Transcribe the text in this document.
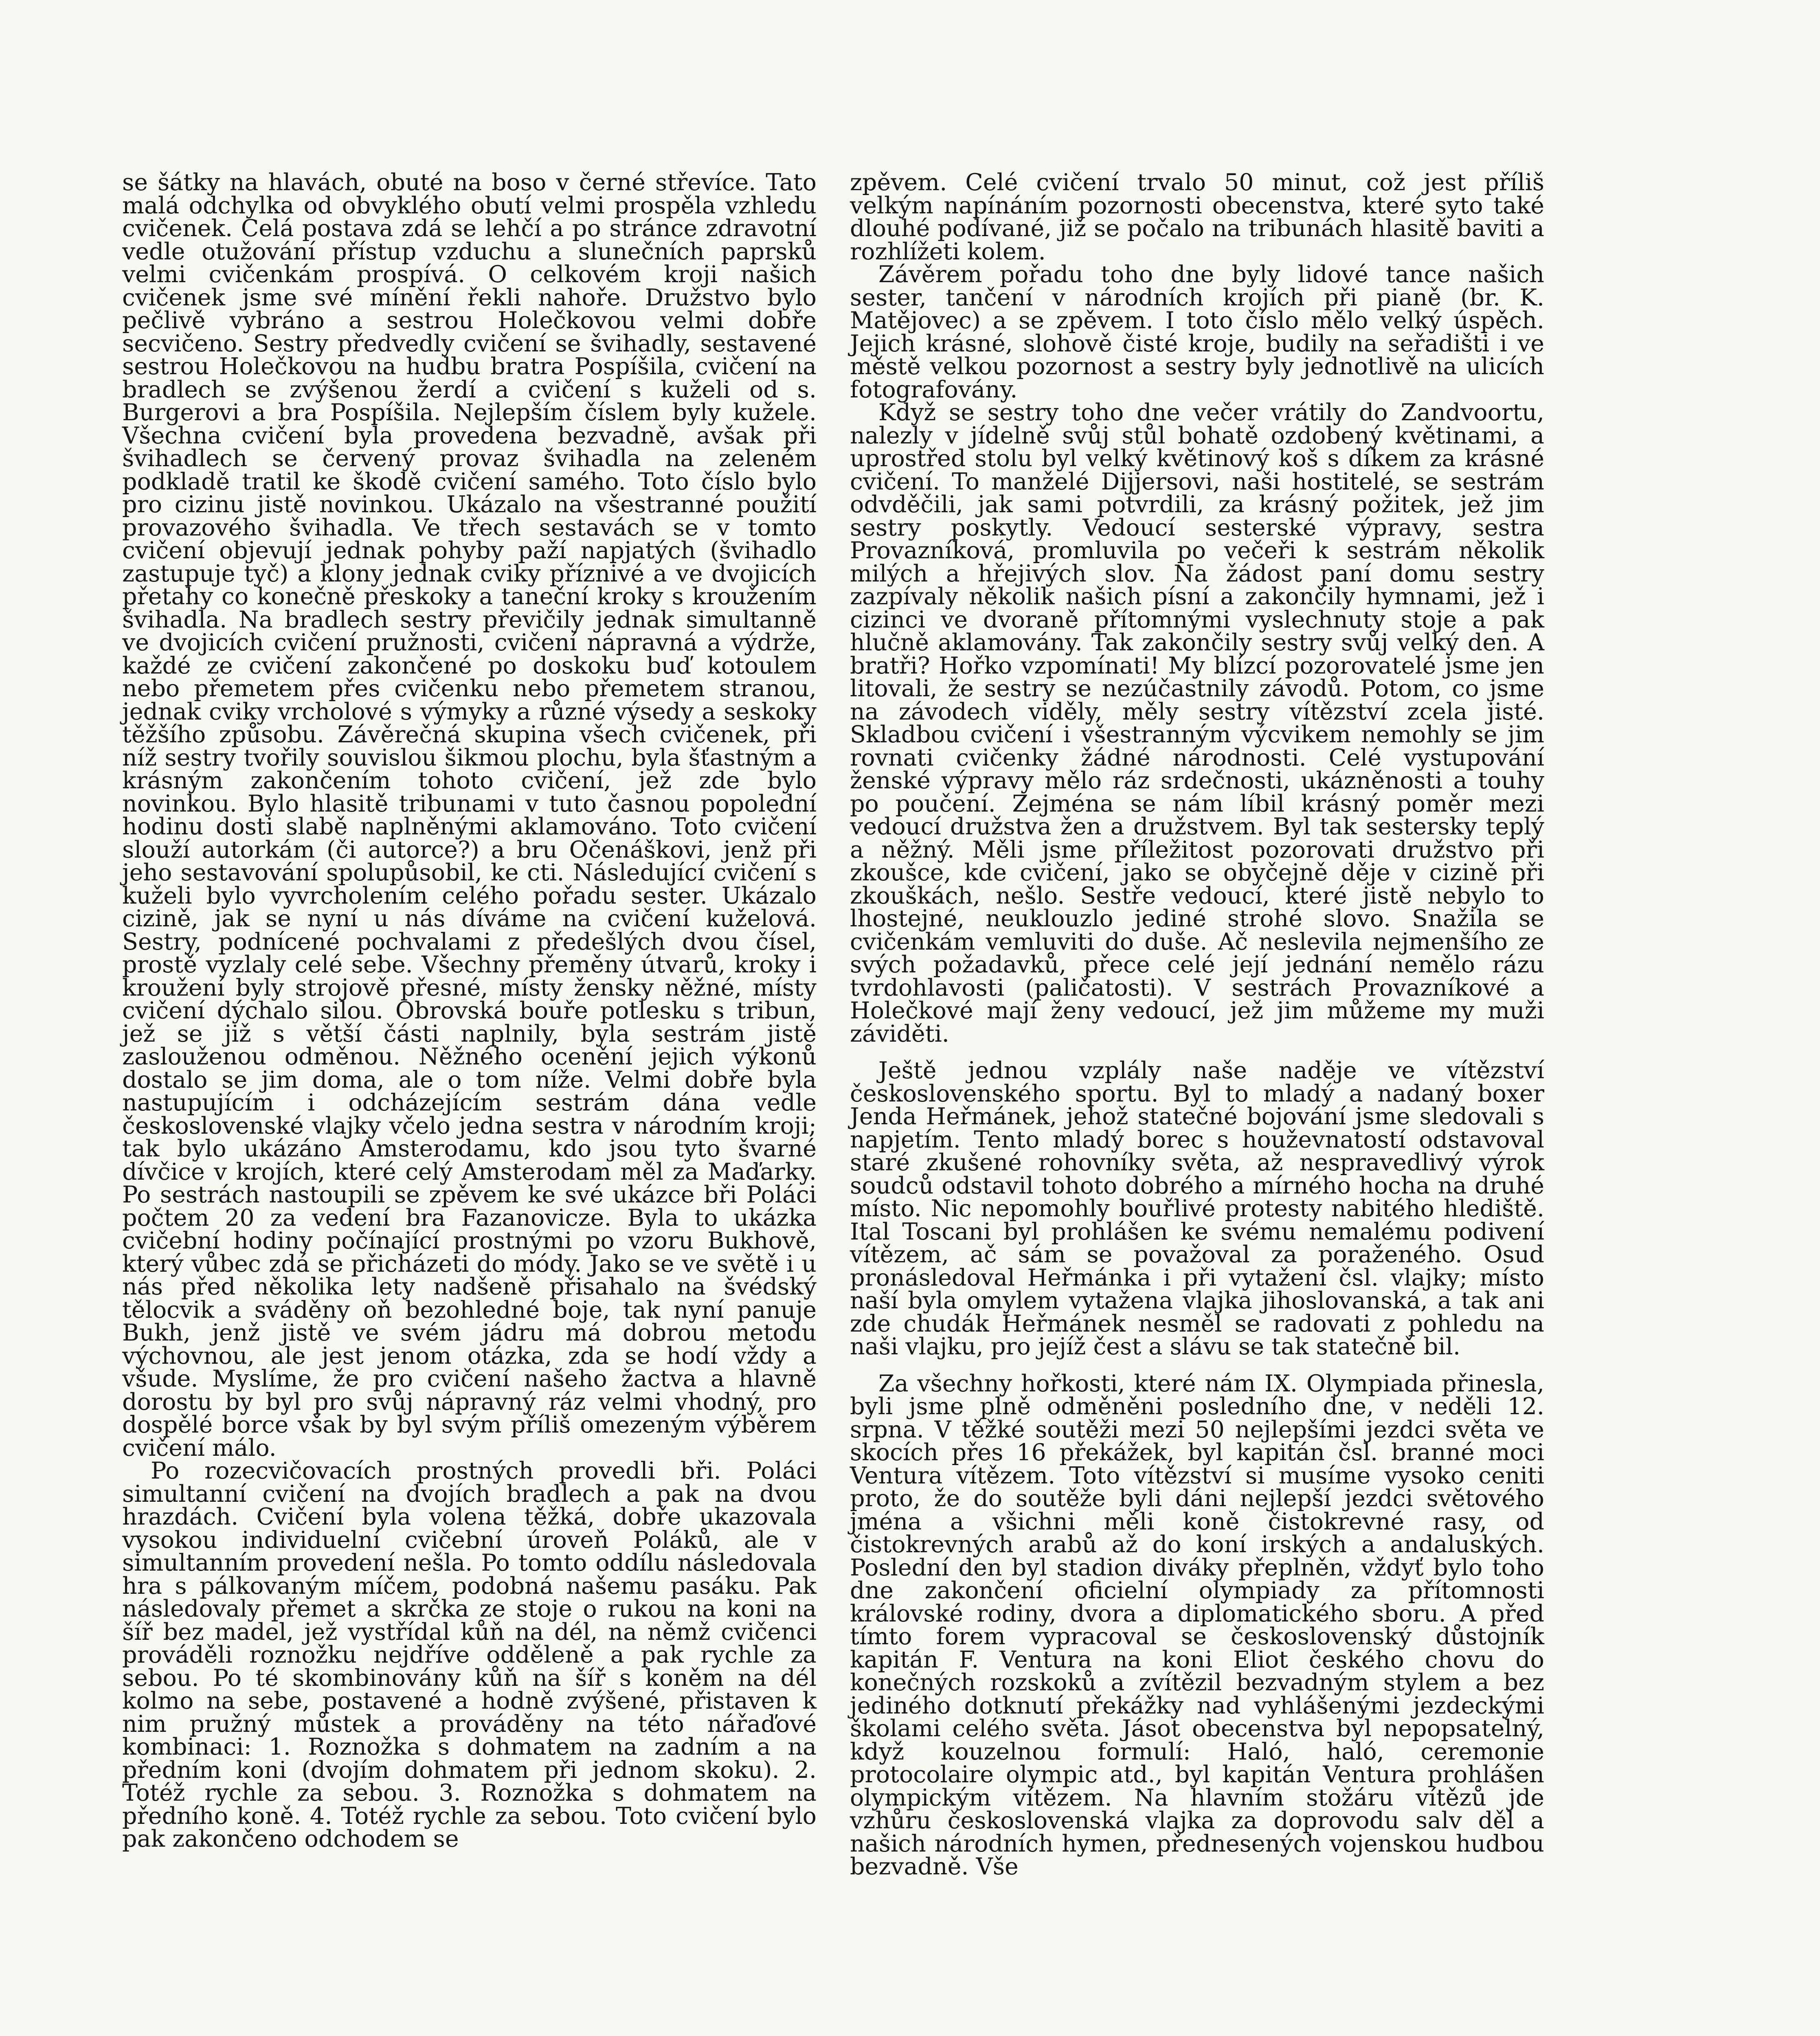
se šátky na hlavách, obuté na boso v černé střevíce. Tato malá odchylka od obvyklého obutí velmi prospěla vzhledu cvičenek. Celá postava zdá se lehčí a po stránce zdravotní vedle otužování přístup vzduchu a slunečních paprsků velmi cvičenkám prospívá. O celkovém kroji našich cvičenek jsme své mínění řekli nahoře. Družstvo bylo pečlivě vybráno a sestrou Holečkovou velmi dobře secvičeno. Sestry předvedly cvičení se švihadly, sestavené sestrou Holečkovou na hudbu bratra Pospíšila, cvičení na bradlech se zvýšenou žerdí a cvičení s kuželi od s. Burgerovi a bra Pospíšila. Nejlepším číslem byly kužele. Všechna cvičení byla provedena bezvadně, avšak při švihadlech se červený provaz švihadla na zeleném podkladě tratil ke škodě cvičení samého. Toto číslo bylo pro cizinu jistě novinkou. Ukázalo na všestranné použití provazového švihadla. Ve třech sestavách se v tomto cvičení objevují jednak pohyby paží napjatých (švihadlo zastupuje tyč) a klony jednak cviky příznivé a ve dvojicích přetahy co konečně přeskoky a taneční kroky s kroužením švihadla. Na bradlech sestry převičily jednak simultanně ve dvojicích cvičení pružnosti, cvičení nápravná a výdrže, každé ze cvičení zakončené po doskoku buď kotoulem nebo přemetem přes cvičenku nebo přemetem stranou, jednak cviky vrcholové s výmyky a různé výsedy a seskoky těžšího způsobu. Závěrečná skupina všech cvičenek, při níž sestry tvořily souvislou šikmou plochu, byla šťastným a krásným zakončením tohoto cvičení, jež zde bylo novinkou. Bylo hlasitě tribunami v tuto časnou popolední hodinu dosti slabě naplněnými aklamováno. Toto cvičení slouží autorkám (či autorce?) a bru Očenáškovi, jenž při jeho sestavování spolupůsobil, ke cti. Následující cvičení s kuželi bylo vyvrcholením celého pořadu sester. Ukázalo cizině, jak se nyní u nás díváme na cvičení kuželová. Sestry, podnícené pochvalami z předešlých dvou čísel, prostě vyzlaly celé sebe. Všechny přeměny útvarů, kroky i kroužení byly strojově přesné, místy žensky něžné, místy cvičení dýchalo silou. Obrovská bouře potlesku s tribun, jež se již s větší části naplnily, byla sestrám jistě zaslouženou odměnou. Něžného ocenění jejich výkonů dostalo se jim doma, ale o tom níže. Velmi dobře byla nastupujícím i odcházejícím sestrám dána vedle československé vlajky včelo jedna sestra v národním kroji; tak bylo ukázáno Amsterodamu, kdo jsou tyto švarné dívčice v krojích, které celý Amsterodam měl za Maďarky. Po sestrách nastoupili se zpěvem ke své ukázce bři Poláci počtem 20 za vedení bra Fazanovicze. Byla to ukázka cvičební hodiny počínající prostnými po vzoru Bukhově, který vůbec zdá se přicházeti do módy. Jako se ve světě i u nás před několika lety nadšeně přisahalo na švédský tělocvik a sváděny oň bezohledné boje, tak nyní panuje Bukh, jenž jistě ve svém jádru má dobrou metodu výchovnou, ale jest jenom otázka, zda se hodí vždy a všude. Myslíme, že pro cvičení našeho žactva a hlavně dorostu by byl pro svůj nápravný ráz velmi vhodný, pro dospělé borce však by byl svým příliš omezeným výběrem cvičení málo.

Po rozecvičovacích prostných provedli bři. Poláci simultanní cvičení na dvojích bradlech a pak na dvou hrazdách. Cvičení byla volena těžká, dobře ukazovala vysokou individuelní cvičební úroveň Poláků, ale v simultanním provedení nešla. Po tomto oddílu následovala hra s pálkovaným míčem, podobná našemu pasáku. Pak následovaly přemet a skrčka ze stoje o rukou na koni na šíř bez madel, jež vystřídal kůň na dél, na němž cvičenci prováděli roznožku nejdříve odděleně a pak rychle za sebou. Po té skombinovány kůň na šíř s koněm na dél kolmo na sebe, postavené a hodně zvýšené, přistaven k nim pružný můstek a prováděny na této nářaďové kombinaci: 1. Roznožka s dohmatem na zadním a na předním koni (dvojím dohmatem při jednom skoku). 2. Totéž rychle za sebou. 3. Roznožka s dohmatem na předního koně. 4. Totéž rychle za sebou. Toto cvičení bylo pak zakončeno odchodem se

zpěvem. Celé cvičení trvalo 50 minut, což jest příliš velkým napínáním pozornosti obecenstva, které syto také dlouhé podívané, již se počalo na tribunách hlasitě baviti a rozhlížeti kolem.

Závěrem pořadu toho dne byly lidové tance našich sester, tančení v národních krojích při pianě (br. K. Matějovec) a se zpěvem. I toto číslo mělo velký úspěch. Jejich krásné, slohově čisté kroje, budily na seřadišti i ve městě velkou pozornost a sestry byly jednotlivě na ulicích fotografovány.

Když se sestry toho dne večer vrátily do Zandvoortu, nalezly v jídelně svůj stůl bohatě ozdobený květinami, a uprostřed stolu byl velký květinový koš s díkem za krásné cvičení. To manželé Dijjersovi, naši hostitelé, se sestrám odvděčili, jak sami potvrdili, za krásný požitek, jež jim sestry poskytly. Vedoucí sesterské výpravy, sestra Provazníková, promluvila po večeři k sestrám několik milých a hřejivých slov. Na žádost paní domu sestry zazpívaly několik našich písní a zakončily hymnami, jež i cizinci ve dvoraně přítomnými vyslechnuty stoje a pak hlučně aklamovány. Tak zakončily sestry svůj velký den. A bratři? Hořko vzpomínati! My blízcí pozorovatelé jsme jen litovali, že sestry se nezúčastnily závodů. Potom, co jsme na závodech viděly, měly sestry vítězství zcela jisté. Skladbou cvičení i všestranným výcvikem nemohly se jim rovnati cvičenky žádné národnosti. Celé vystupování ženské výpravy mělo ráz srdečnosti, ukázněnosti a touhy po poučení. Zejména se nám líbil krásný poměr mezi vedoucí družstva žen a družstvem. Byl tak sestersky teplý a něžný. Měli jsme příležitost pozorovati družstvo při zkoušce, kde cvičení, jako se obyčejně děje v cizině při zkouškách, nešlo. Sestře vedoucí, které jistě nebylo to lhostejné, neuklouzlo jediné strohé slovo. Snažila se cvičenkám vemluviti do duše. Ač neslevila nejmenšího ze svých požadavků, přece celé její jednání nemělo rázu tvrdohlavosti (paličatosti). V sestrách Provazníkové a Holečkové mají ženy vedoucí, jež jim můžeme my muži záviděti.

Ještě jednou vzplály naše naděje ve vítězství československého sportu. Byl to mladý a nadaný boxer Jenda Heřmánek, jehož statečné bojování jsme sledovali s napjetím. Tento mladý borec s houževnatostí odstavoval staré zkušené rohovníky světa, až nespravedlivý výrok soudců odstavil tohoto dobrého a mírného hocha na druhé místo. Nic nepomohly bouřlivé protesty nabitého hlediště. Ital Toscani byl prohlášen ke svému nemalému podivení vítězem, ač sám se považoval za poraženého. Osud pronásledoval Heřmánka i při vytažení čsl. vlajky; místo naší byla omylem vytažena vlajka jihoslovanská, a tak ani zde chudák Heřmánek nesměl se radovati z pohledu na naši vlajku, pro jejíž čest a slávu se tak statečně bil.

Za všechny hořkosti, které nám IX. Olympiada přinesla, byli jsme plně odměněni posledního dne, v neděli 12. srpna. V těžké soutěži mezi 50 nejlepšími jezdci světa ve skocích přes 16 překážek, byl kapitán čsl. branné moci Ventura vítězem. Toto vítězství si musíme vysoko ceniti proto, že do soutěže byli dáni nejlepší jezdci světového jména a všichni měli koně čistokrevné rasy, od čistokrevných arabů až do koní irských a andaluských. Poslední den byl stadion diváky přeplněn, vždyť bylo toho dne zakončení oficielní olympiady za přítomnosti královské rodiny, dvora a diplomatického sboru. A před tímto forem vypracoval se československý důstojník kapitán F. Ventura na koni Eliot českého chovu do konečných rozskoků a zvítězil bezvadným stylem a bez jediného dotknutí překážky nad vyhlášenými jezdeckými školami celého světa. Jásot obecenstva byl nepopsatelný, když kouzelnou formulí: Haló, haló, ceremonie protocolaire olympic atd., byl kapitán Ventura prohlášen olympickým vítězem. Na hlavním stožáru vítězů jde vzhůru československá vlajka za doprovodu salv děl a našich národních hymen, přednesených vojenskou hudbou bezvadně. Vše
